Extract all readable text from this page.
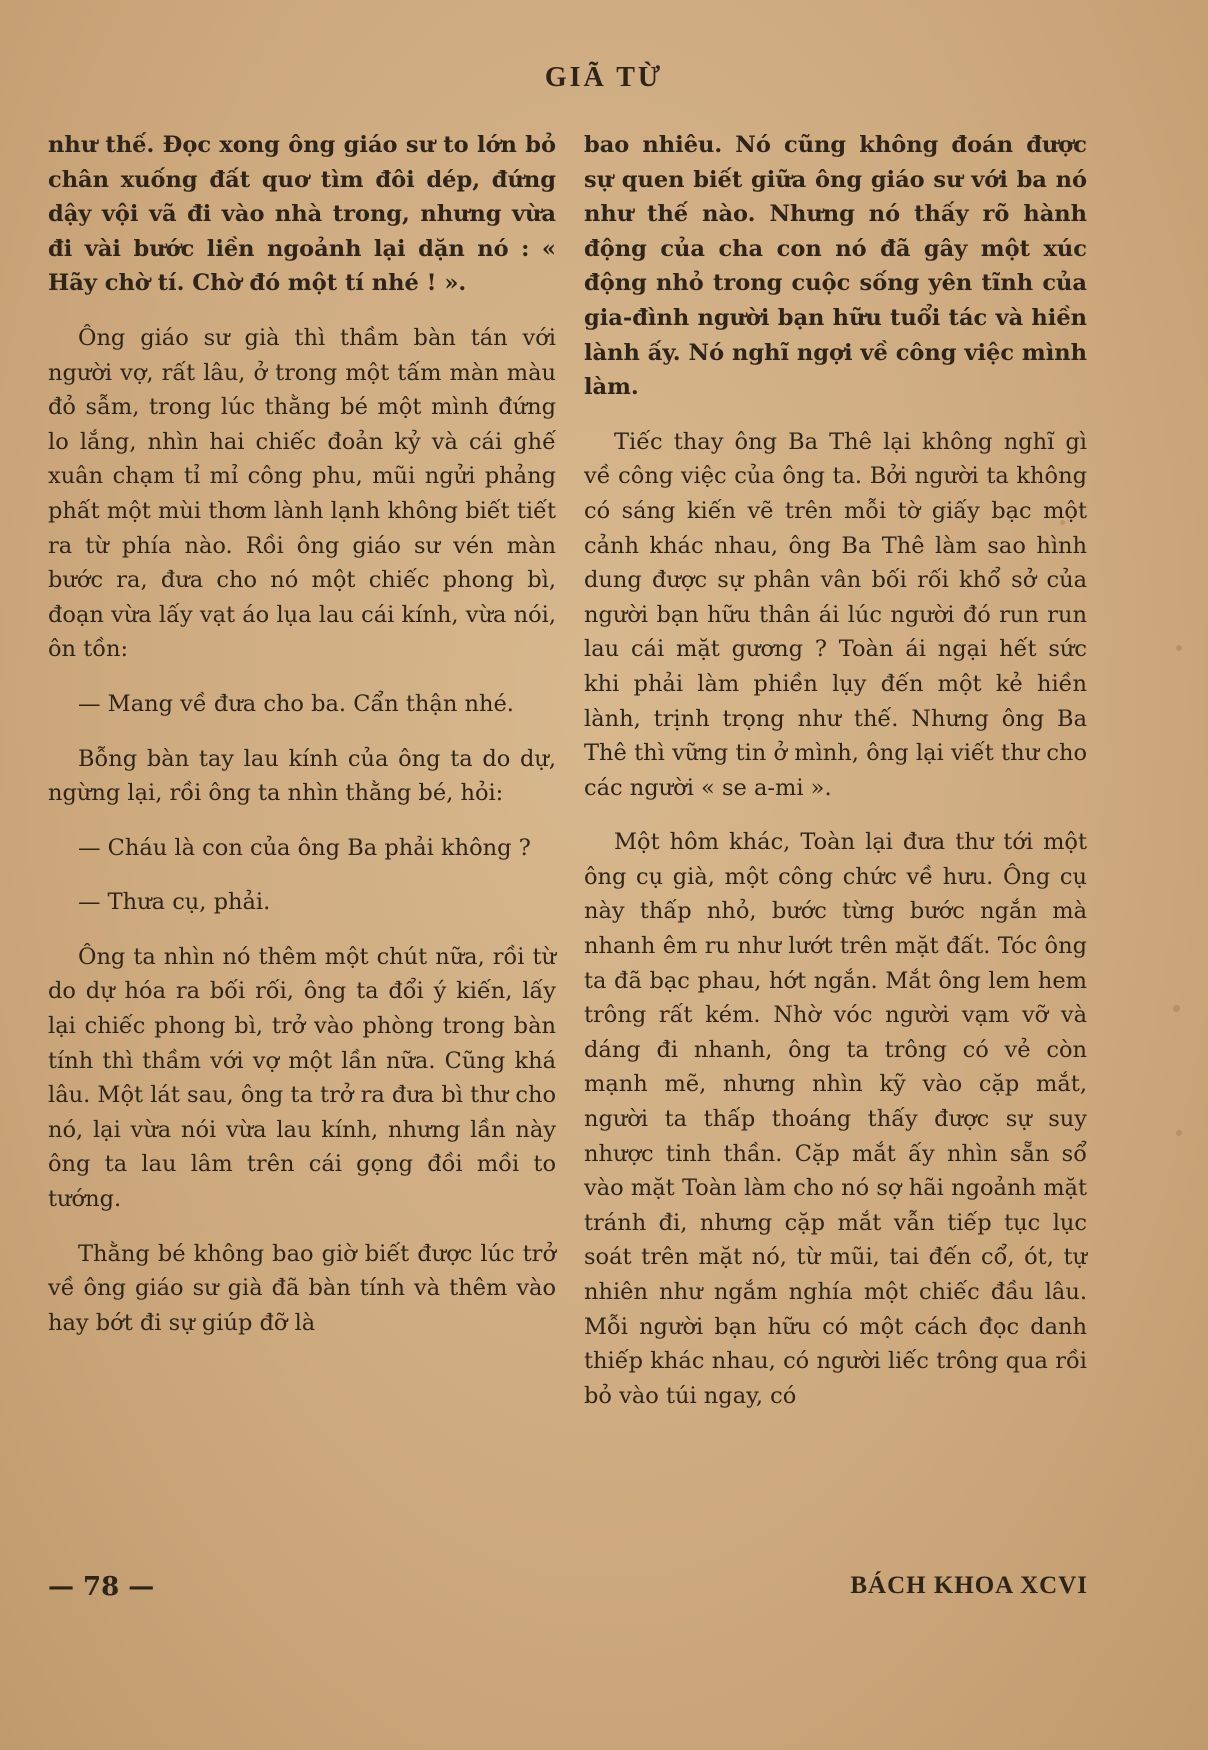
GIÃ TỪ

như thế. Đọc xong ông giáo sư to lớn bỏ chân xuống đất quơ tìm đôi dép, đứng dậy vội vã đi vào nhà trong, nhưng vừa đi vài bước liền ngoảnh lại dặn nó : « Hãy chờ tí. Chờ đó một tí nhé ! ».

Ông giáo sư già thì thầm bàn tán với người vợ, rất lâu, ở trong một tấm màn màu đỏ sẫm, trong lúc thằng bé một mình đứng lo lắng, nhìn hai chiếc đoản kỷ và cái ghế xuân chạm tỉ mỉ công phu, mũi ngửi phảng phất một mùi thơm lành lạnh không biết tiết ra từ phía nào. Rồi ông giáo sư vén màn bước ra, đưa cho nó một chiếc phong bì, đoạn vừa lấy vạt áo lụa lau cái kính, vừa nói, ôn tồn:

— Mang về đưa cho ba. Cẩn thận nhé.

Bỗng bàn tay lau kính của ông ta do dự, ngừng lại, rồi ông ta nhìn thằng bé, hỏi:

— Cháu là con của ông Ba phải không ?

— Thưa cụ, phải.

Ông ta nhìn nó thêm một chút nữa, rồi từ do dự hóa ra bối rối, ông ta đổi ý kiến, lấy lại chiếc phong bì, trở vào phòng trong bàn tính thì thầm với vợ một lần nữa. Cũng khá lâu. Một lát sau, ông ta trở ra đưa bì thư cho nó, lại vừa nói vừa lau kính, nhưng lần này ông ta lau lâm trên cái gọng đồi mồi to tướng.

Thằng bé không bao giờ biết được lúc trở về ông giáo sư già đã bàn tính và thêm vào hay bớt đi sự giúp đỡ là

bao nhiêu. Nó cũng không đoán được sự quen biết giữa ông giáo sư với ba nó như thế nào. Nhưng nó thấy rõ hành động của cha con nó đã gây một xúc động nhỏ trong cuộc sống yên tĩnh của gia-đình người bạn hữu tuổi tác và hiền lành ấy. Nó nghĩ ngợi về công việc mình làm.

Tiếc thay ông Ba Thê lại không nghĩ gì về công việc của ông ta. Bởi người ta không có sáng kiến vẽ trên mỗi tờ giấy bạc một cảnh khác nhau, ông Ba Thê làm sao hình dung được sự phân vân bối rối khổ sở của người bạn hữu thân ái lúc người đó run run lau cái mặt gương ? Toàn ái ngại hết sức khi phải làm phiền lụy đến một kẻ hiền lành, trịnh trọng như thế. Nhưng ông Ba Thê thì vững tin ở mình, ông lại viết thư cho các người « se a-mi ».

Một hôm khác, Toàn lại đưa thư tới một ông cụ già, một công chức về hưu. Ông cụ này thấp nhỏ, bước từng bước ngắn mà nhanh êm ru như lướt trên mặt đất. Tóc ông ta đã bạc phau, hớt ngắn. Mắt ông lem hem trông rất kém. Nhờ vóc người vạm vỡ và dáng đi nhanh, ông ta trông có vẻ còn mạnh mẽ, nhưng nhìn kỹ vào cặp mắt, người ta thấp thoáng thấy được sự suy nhược tinh thần. Cặp mắt ấy nhìn sẵn sổ vào mặt Toàn làm cho nó sợ hãi ngoảnh mặt tránh đi, nhưng cặp mắt vẫn tiếp tục lục soát trên mặt nó, từ mũi, tai đến cổ, ót, tự nhiên như ngắm nghía một chiếc đầu lâu. Mỗi người bạn hữu có một cách đọc danh thiếp khác nhau, có người liếc trông qua rồi bỏ vào túi ngay, có

— 78 —	BÁCH KHOA XCVI
